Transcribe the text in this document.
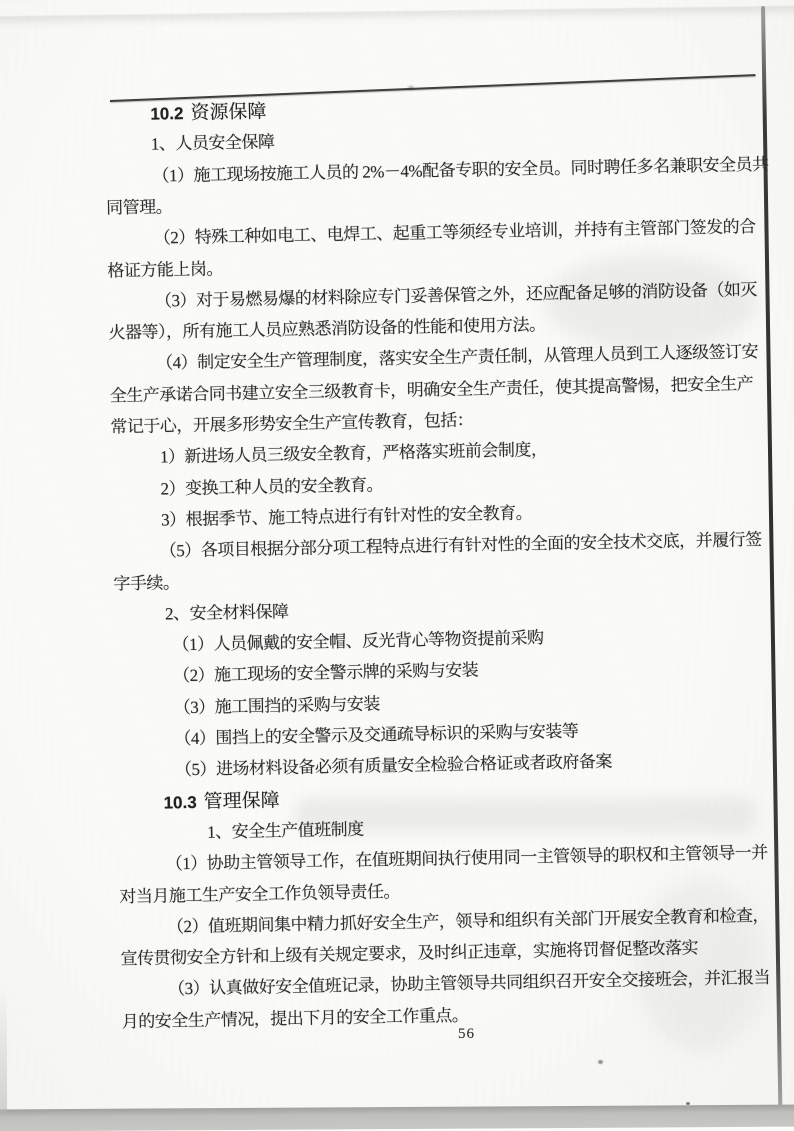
10.2 资源保障
1、人员安全保障
（1）施工现场按施工人员的 2%－4%配备专职的安全员。同时聘任多名兼职安全员共
同管理。
（2）特殊工种如电工、电焊工、起重工等须经专业培训，并持有主管部门签发的合
格证方能上岗。
（3）对于易燃易爆的材料除应专门妥善保管之外，还应配备足够的消防设备（如灭
火器等），所有施工人员应熟悉消防设备的性能和使用方法。
（4）制定安全生产管理制度，落实安全生产责任制，从管理人员到工人逐级签订安
全生产承诺合同书建立安全三级教育卡，明确安全生产责任，使其提高警惕，把安全生产
常记于心，开展多形势安全生产宣传教育，包括：
1）新进场人员三级安全教育，严格落实班前会制度，
2）变换工种人员的安全教育。
3）根据季节、施工特点进行有针对性的安全教育。
（5）各项目根据分部分项工程特点进行有针对性的全面的安全技术交底，并履行签
字手续。
2、安全材料保障
（1）人员佩戴的安全帽、反光背心等物资提前采购
（2）施工现场的安全警示牌的采购与安装
（3）施工围挡的采购与安装
（4）围挡上的安全警示及交通疏导标识的采购与安装等
（5）进场材料设备必须有质量安全检验合格证或者政府备案
10.3 管理保障
1、安全生产值班制度
（1）协助主管领导工作，在值班期间执行使用同一主管领导的职权和主管领导一并
对当月施工生产安全工作负领导责任。
（2）值班期间集中精力抓好安全生产，领导和组织有关部门开展安全教育和检查，
宣传贯彻安全方针和上级有关规定要求，及时纠正违章，实施将罚督促整改落实
（3）认真做好安全值班记录，协助主管领导共同组织召开安全交接班会，并汇报当
月的安全生产情况，提出下月的安全工作重点。
56
